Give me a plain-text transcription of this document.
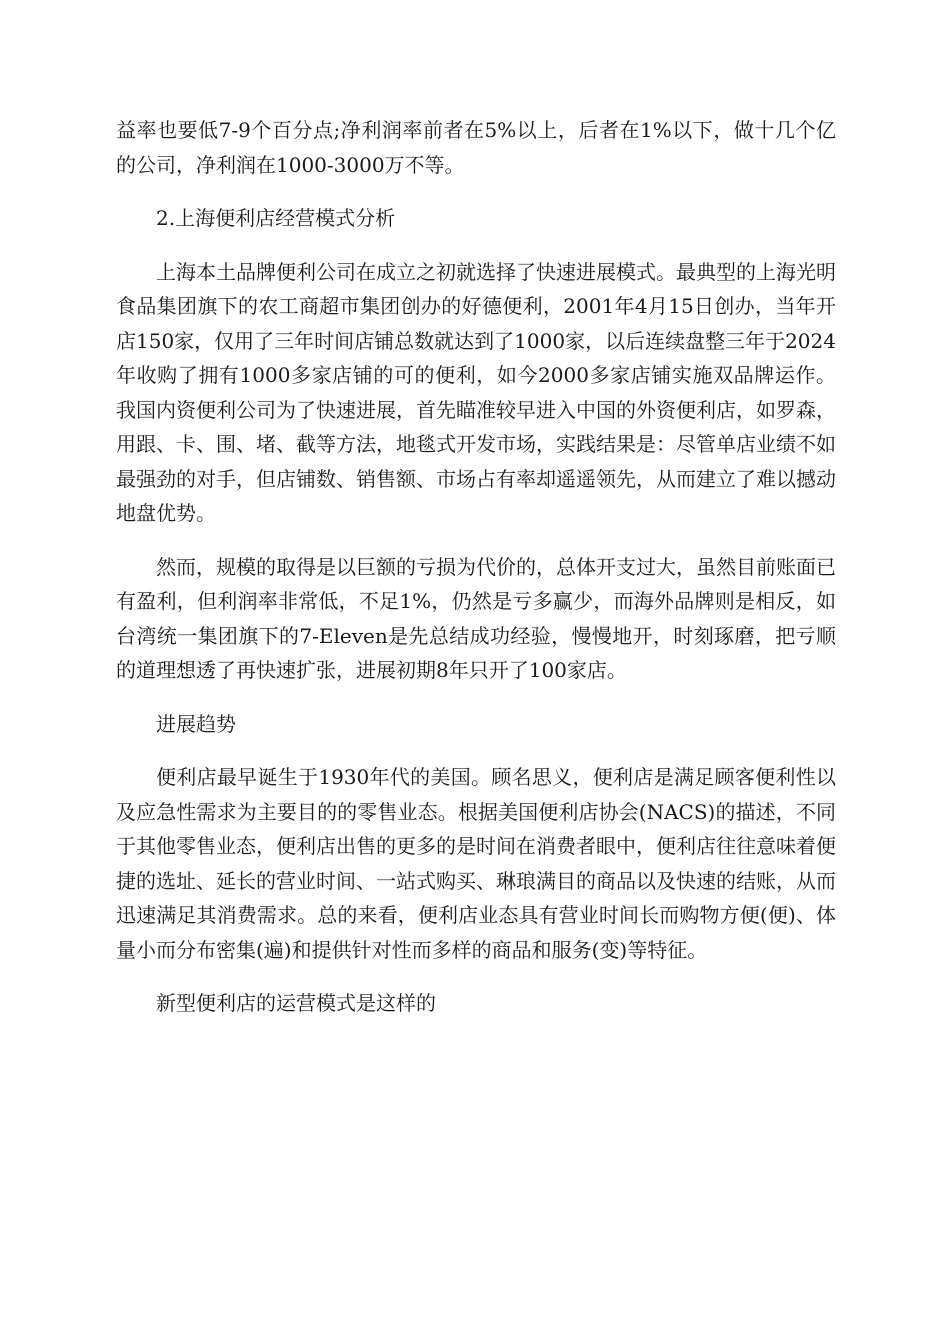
益率也要低7-9个百分点;净利润率前者在5%以上，后者在1%以下，做十几个亿的公司，净利润在1000-3000万不等。

2.上海便利店经营模式分析

上海本土品牌便利公司在成立之初就选择了快速进展模式。最典型的上海光明食品集团旗下的农工商超市集团创办的好德便利，2001年4月15日创办，当年开店150家，仅用了三年时间店铺总数就达到了1000家，以后连续盘整三年于2024年收购了拥有1000多家店铺的可的便利，如今2000多家店铺实施双品牌运作。我国内资便利公司为了快速进展，首先瞄准较早进入中国的外资便利店，如罗森，用跟、卡、围、堵、截等方法，地毯式开发市场，实践结果是：尽管单店业绩不如最强劲的对手，但店铺数、销售额、市场占有率却遥遥领先，从而建立了难以撼动地盘优势。

然而，规模的取得是以巨额的亏损为代价的，总体开支过大，虽然目前账面已有盈利，但利润率非常低，不足1%，仍然是亏多赢少，而海外品牌则是相反，如台湾统一集团旗下的7-Eleven是先总结成功经验，慢慢地开，时刻琢磨，把亏顺的道理想透了再快速扩张，进展初期8年只开了100家店。

进展趋势

便利店最早诞生于1930年代的美国。顾名思义，便利店是满足顾客便利性以及应急性需求为主要目的的零售业态。根据美国便利店协会(NACS)的描述，不同于其他零售业态，便利店出售的更多的是时间在消费者眼中，便利店往往意味着便捷的选址、延长的营业时间、一站式购买、琳琅满目的商品以及快速的结账，从而迅速满足其消费需求。总的来看，便利店业态具有营业时间长而购物方便(便)、体量小而分布密集(遍)和提供针对性而多样的商品和服务(变)等特征。

新型便利店的运营模式是这样的
